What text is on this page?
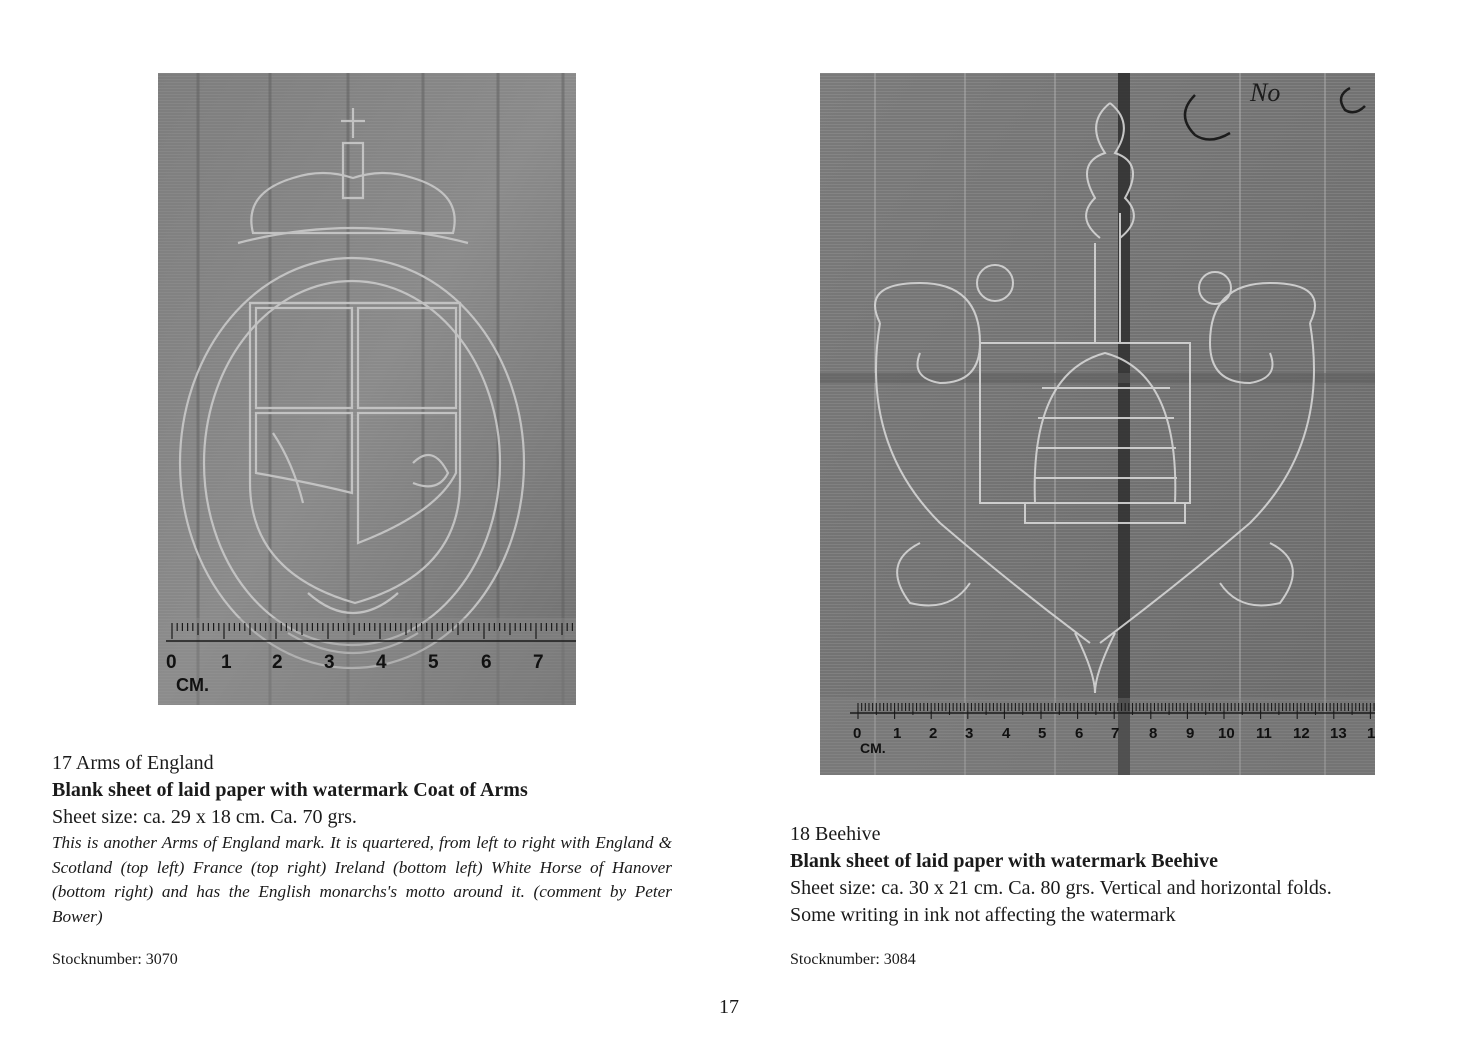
0 1 2 3 4 5 6 7
CM.
No
0 1 2 3 4 5 6 7 8 9 10 11 12 13 1
CM.
17 Arms of England
Blank sheet of laid paper with watermark Coat of Arms
Sheet size: ca. 29 x 18 cm. Ca. 70 grs.
This is another Arms of England mark. It is quartered, from left to right with England & Scotland (top left) France (top right) Ireland (bottom left) White Horse of Hanover (bottom right) and has the English monarchs's motto around it. (comment by Peter Bower)
Stocknumber: 3070
18 Beehive
Blank sheet of laid paper with watermark Beehive
Sheet size: ca. 30 x 21 cm. Ca. 80 grs. Vertical and horizontal folds.
Some writing in ink not affecting the watermark
Stocknumber: 3084
17
